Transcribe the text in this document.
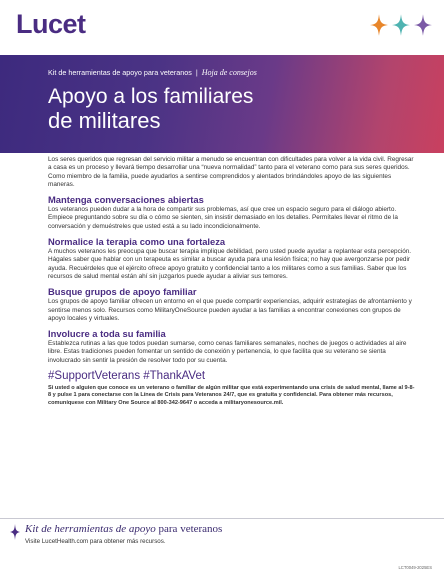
Lucet
Kit de herramientas de apoyo para veteranos | Hoja de consejos
Apoyo a los familiares
de militares

Los seres queridos que regresan del servicio militar a menudo se encuentran con dificultades para volver a la vida civil. Regresar a casa es un proceso y llevará tiempo desarrollar una “nueva normalidad” tanto para el veterano como para sus seres queridos. Como miembro de la familia, puede ayudarlos a sentirse comprendidos y alentados brindándoles apoyo de las siguientes maneras.

Mantenga conversaciones abiertas

Los veteranos pueden dudar a la hora de compartir sus problemas, así que cree un espacio seguro para el diálogo abierto. Empiece preguntando sobre su día o cómo se sienten, sin insistir demasiado en los detalles. Permítales llevar el ritmo de la conversación y demuéstreles que usted está a su lado incondicionalmente.

Normalice la terapia como una fortaleza

A muchos veteranos les preocupa que buscar terapia implique debilidad, pero usted puede ayudar a replantear esta percepción. Hágales saber que hablar con un terapeuta es similar a buscar ayuda para una lesión física; no hay que avergonzarse por pedir ayuda. Recuérdeles que el ejército ofrece apoyo gratuito y confidencial tanto a los militares como a sus familias. Saber que los recursos de salud mental están ahí sin juzgarlos puede ayudar a aliviar sus temores.

Busque grupos de apoyo familiar

Los grupos de apoyo familiar ofrecen un entorno en el que puede compartir experiencias, adquirir estrategias de afrontamiento y sentirse menos solo. Recursos como MilitaryOneSource pueden ayudar a las familias a encontrar conexiones con grupos de apoyo locales y virtuales.

Involucre a toda su familia

Establezca rutinas a las que todos puedan sumarse, como cenas familiares semanales, noches de juegos o actividades al aire libre. Estas tradiciones pueden fomentar un sentido de conexión y pertenencia, lo que facilita que su veterano se sienta involucrado sin sentir la presión de resolver todo por su cuenta.

#SupportVeterans #ThankAVet

Si usted o alguien que conoce es un veterano o familiar de algún militar que está experimentando una crisis de salud mental, llame al 9-8-8 y pulse 1 para conectarse con la Línea de Crisis para Veteranos 24/7, que es gratuita y confidencial. Para obtener más recursos, comuníquese con Military One Source al 800-342-9647 o acceda a militaryonesource.mil.

Kit de herramientas de apoyo para veteranos
Visite LucetHealth.com para obtener más recursos.
LCT0049-2025ES
